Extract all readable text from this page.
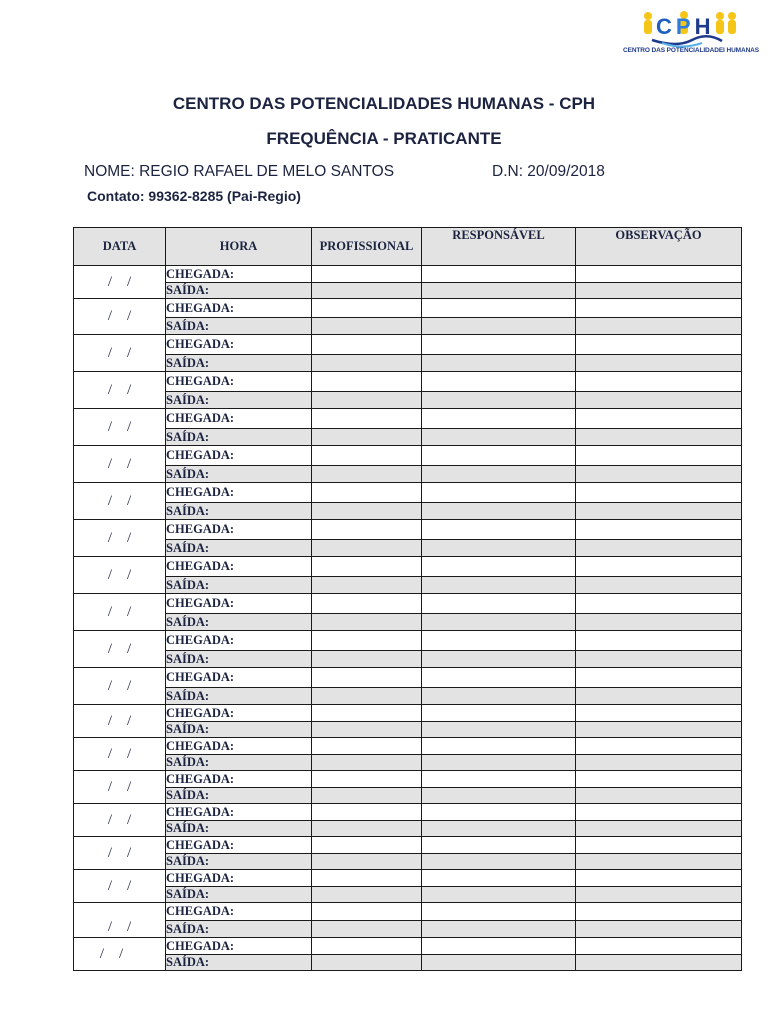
CPH
CENTRO DAS POTENCIALIDADEI HUMANAS
CENTRO DAS POTENCIALIDADES HUMANAS - CPH
FREQUÊNCIA - PRATICANTE
NOME: REGIO RAFAEL DE MELO SANTOS	D.N: 20/09/2018
Contato: 99362-8285 (Pai-Regio)
DATA	HORA	PROFISSIONAL	RESPONSÁVEL	OBSERVAÇÃO
/    /	CHEGADA:			
	SAÍDA:			
/    /	CHEGADA:			
	SAÍDA:			
/    /	CHEGADA:			
	SAÍDA:			
/    /	CHEGADA:			
	SAÍDA:			
/    /	CHEGADA:			
	SAÍDA:			
/    /	CHEGADA:			
	SAÍDA:			
/    /	CHEGADA:			
	SAÍDA:			
/    /	CHEGADA:			
	SAÍDA:			
/    /	CHEGADA:			
	SAÍDA:			
/    /	CHEGADA:			
	SAÍDA:			
/    /	CHEGADA:			
	SAÍDA:			
/    /	CHEGADA:			
	SAÍDA:			
/    /	CHEGADA:			
	SAÍDA:			
/    /	CHEGADA:			
	SAÍDA:			
/    /	CHEGADA:			
	SAÍDA:			
/    /	CHEGADA:			
	SAÍDA:			
/    /	CHEGADA:			
	SAÍDA:			
/    /	CHEGADA:			
	SAÍDA:			
/    /	CHEGADA:			
	SAÍDA:			
/    /	CHEGADA:			
	SAÍDA:			
